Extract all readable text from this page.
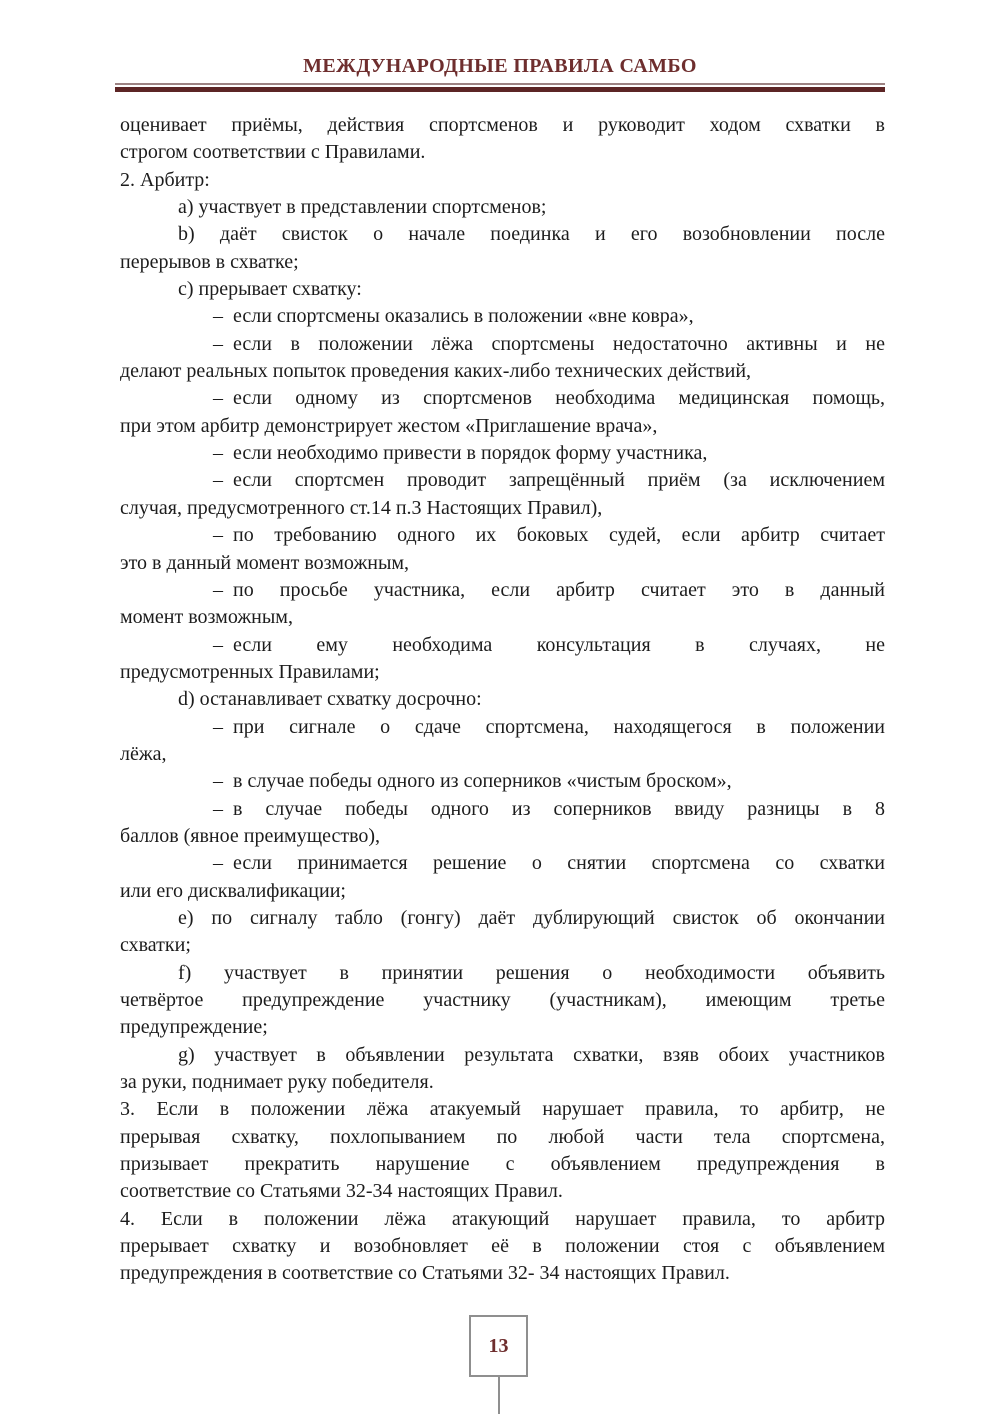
МЕЖДУНАРОДНЫЕ ПРАВИЛА САМБО
оценивает приёмы, действия спортсменов и руководит ходом схватки в
строгом соответствии с Правилами.
2. Арбитр:
a) участвует в представлении спортсменов;
b) даёт свисток о начале поединка и его возобновлении после
перерывов в схватке;
c) прерывает схватку:
– если спортсмены оказались в положении «вне ковра»,
– если в положении лёжа спортсмены недостаточно активны и не
делают реальных попыток проведения каких-либо технических действий,
– если одному из спортсменов необходима медицинская помощь,
при этом арбитр демонстрирует жестом «Приглашение врача»,
– если необходимо привести в порядок форму участника,
– если спортсмен проводит запрещённый приём (за исключением
случая, предусмотренного ст.14 п.3 Настоящих Правил),
– по требованию одного их боковых судей, если арбитр считает
это в данный момент возможным,
– по просьбе участника, если арбитр считает это в данный
момент возможным,
– если ему необходима консультация в случаях, не
предусмотренных Правилами;
d) останавливает схватку досрочно:
– при сигнале о сдаче спортсмена, находящегося в положении
лёжа,
– в случае победы одного из соперников «чистым броском»,
– в случае победы одного из соперников ввиду разницы в 8
баллов (явное преимущество),
– если принимается решение о снятии спортсмена со схватки
или его дисквалификации;
e) по сигналу табло (гонгу) даёт дублирующий свисток об окончании
схватки;
f) участвует в принятии решения о необходимости объявить
четвёртое предупреждение участнику (участникам), имеющим третье
предупреждение;
g) участвует в объявлении результата схватки, взяв обоих участников
за руки, поднимает руку победителя.
3. Если в положении лёжа атакуемый нарушает правила, то арбитр, не
прерывая схватку, похлопыванием по любой части тела спортсмена,
призывает прекратить нарушение с объявлением предупреждения в
соответствие со Статьями 32-34 настоящих Правил.
4. Если в положении лёжа атакующий нарушает правила, то арбитр
прерывает схватку и возобновляет её в положении стоя с объявлением
предупреждения в соответствие со Статьями 32- 34 настоящих Правил.
13
